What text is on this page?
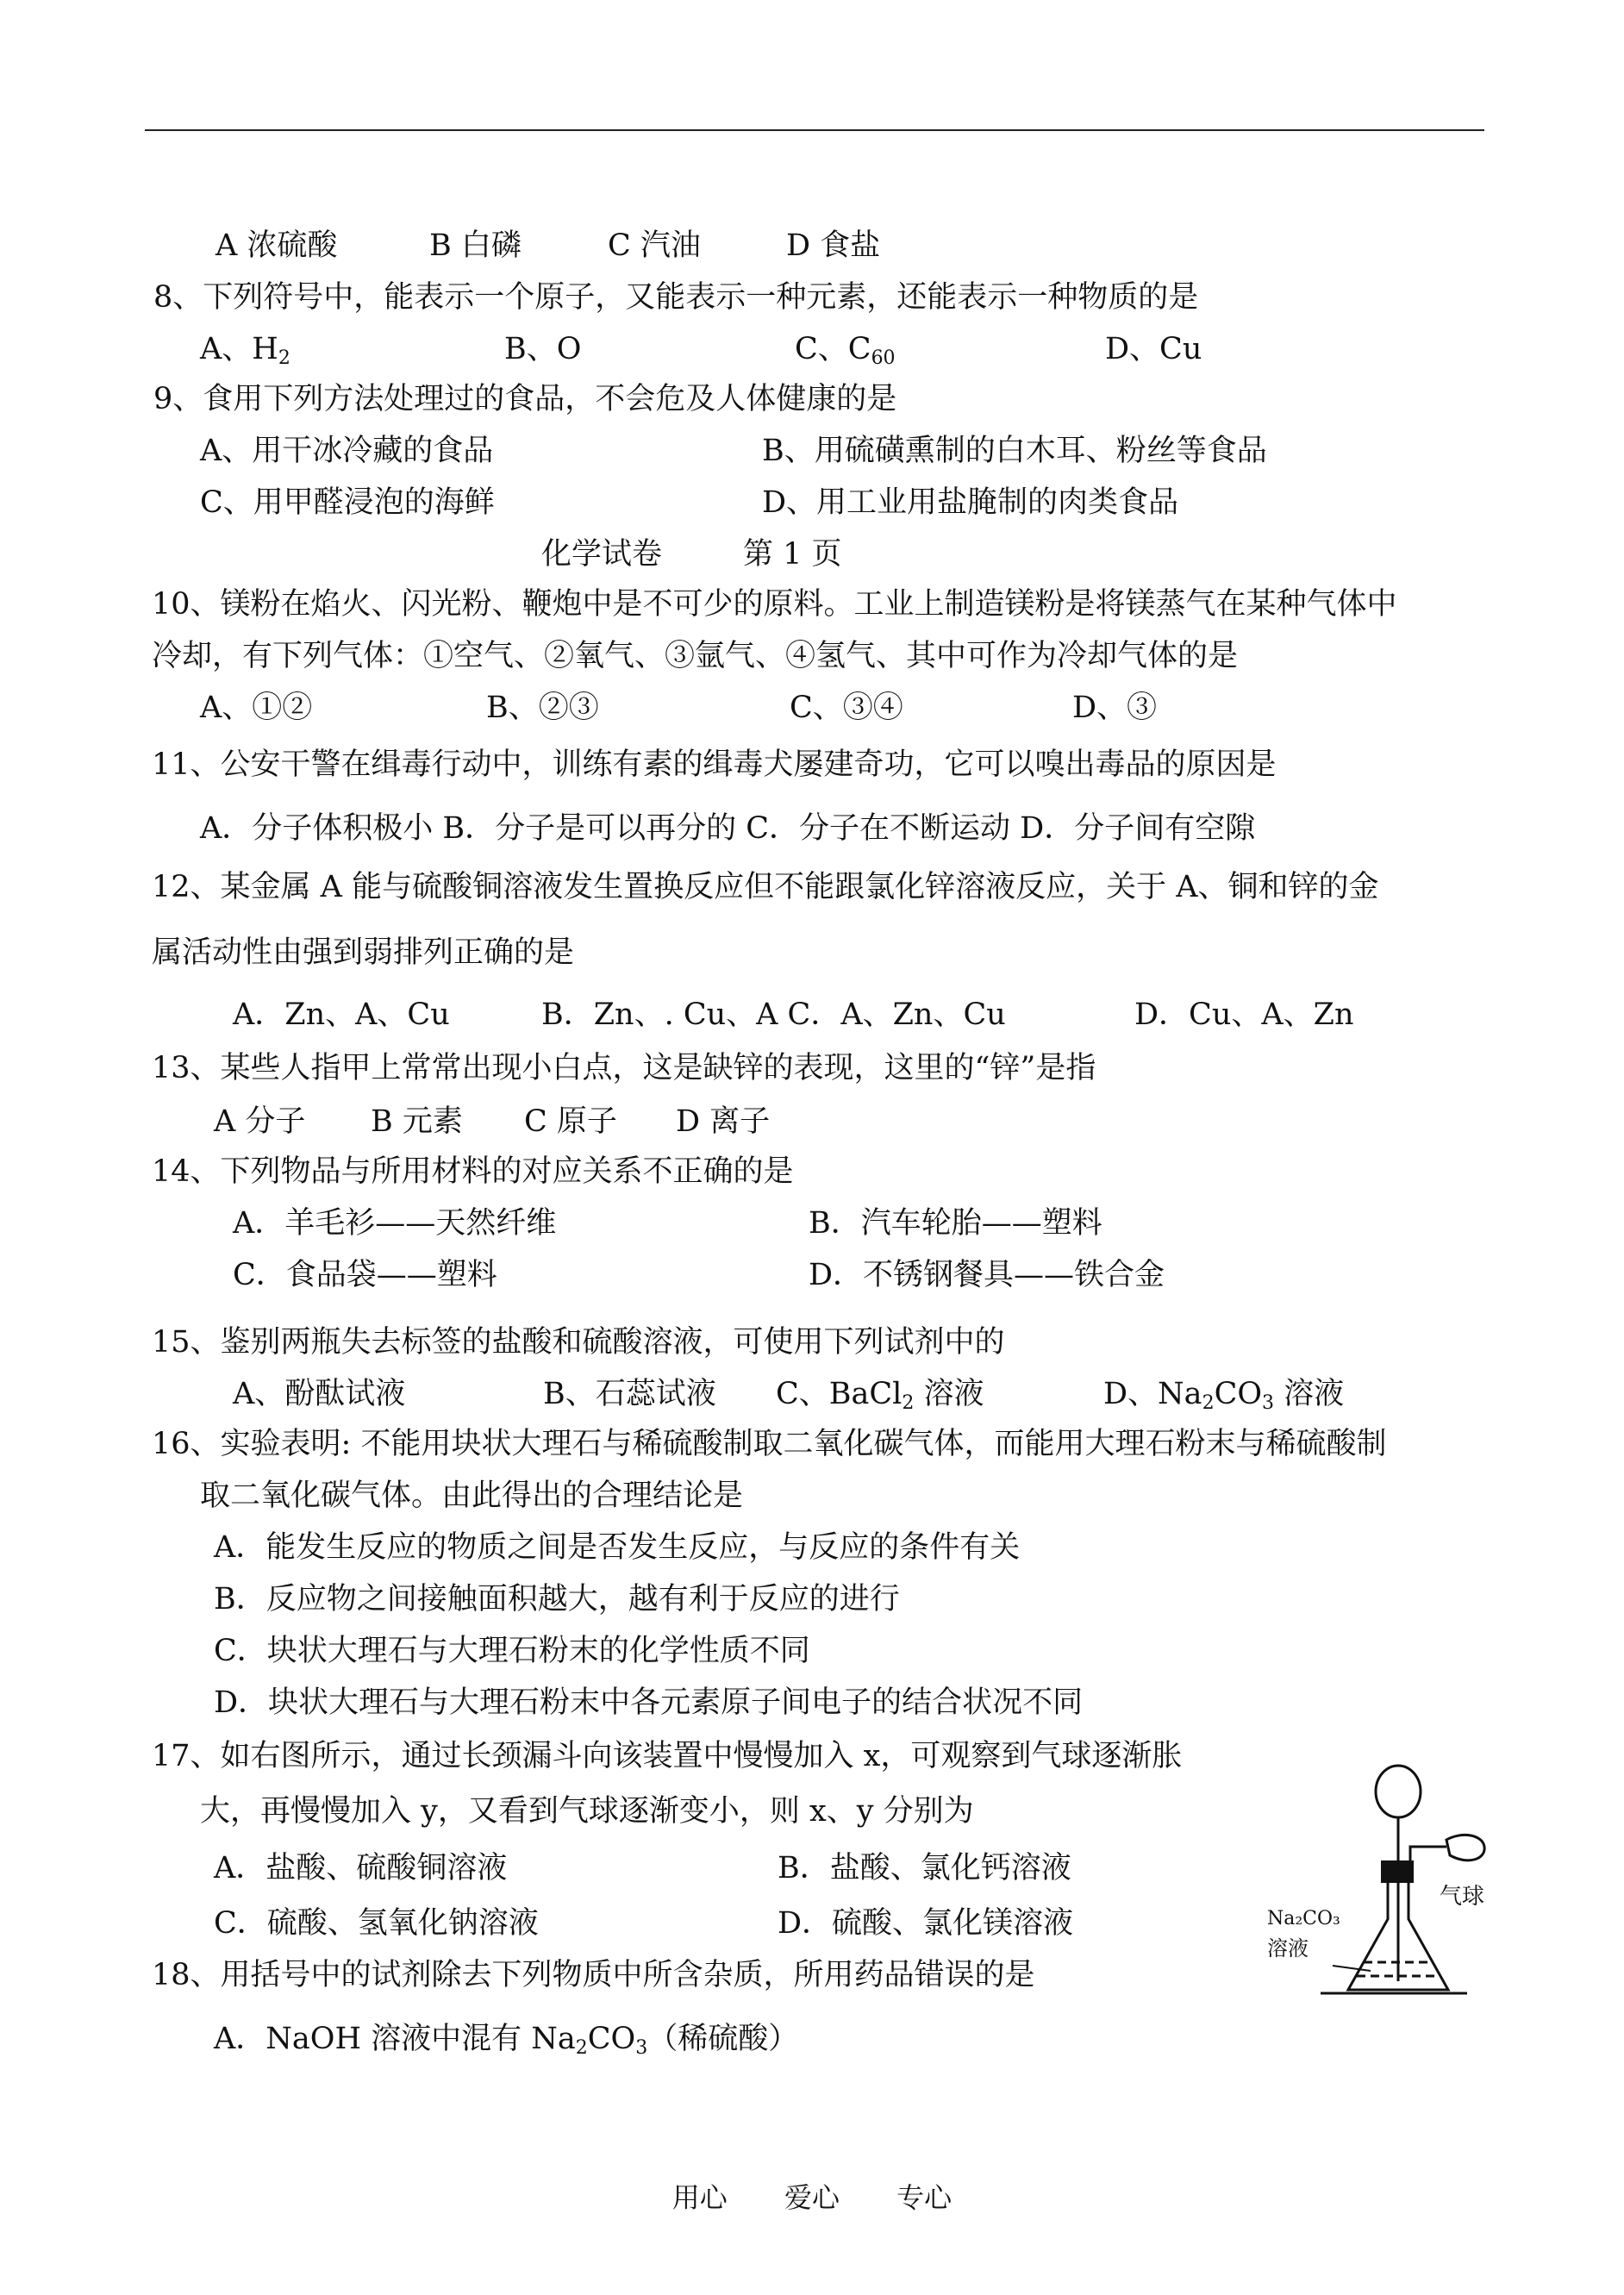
A 浓硫酸	B 白磷	C 汽油	D 食盐
8、下列符号中，能表示一个原子，又能表示一种元素，还能表示一种物质的是
A、$H_2$	B、O	C、$C_{60}$	D、Cu
9、食用下列方法处理过的食品，不会危及人体健康的是
A、用干冰冷藏的食品	B、用硫磺熏制的白木耳、粉丝等食品
C、用甲醛浸泡的海鲜	D、用工业用盐腌制的肉类食品
化学试卷	第 1 页
10、镁粉在焰火、闪光粉、鞭炮中是不可少的原料。工业上制造镁粉是将镁蒸气在某种气体中
冷却，有下列气体：①空气、②氧气、③氩气、④氢气、其中可作为冷却气体的是
A、①②	B、②③	C、③④	D、③
11、公安干警在缉毒行动中，训练有素的缉毒犬屡建奇功，它可以嗅出毒品的原因是
A．分子体积极小 B．分子是可以再分的 C．分子在不断运动 D．分子间有空隙
12、某金属 A 能与硫酸铜溶液发生置换反应但不能跟氯化锌溶液反应，关于 A、铜和锌的金
属活动性由强到弱排列正确的是
A．Zn、A、Cu	B．Zn、. Cu、A C．A、Zn、Cu	D．Cu、A、Zn
13、某些人指甲上常常出现小白点，这是缺锌的表现，这里的“锌”是指
A 分子 B 元素 C 原子 D 离子
14、下列物品与所用材料的对应关系不正确的是
A．羊毛衫——天然纤维	B．汽车轮胎——塑料
C．食品袋——塑料	D．不锈钢餐具——铁合金
15、鉴别两瓶失去标签的盐酸和硫酸溶液，可使用下列试剂中的
A、酚酞试液	B、石蕊试液 C、BaCl$_2$ 溶液	D、$Na_2CO_3$ 溶液
16、实验表明: 不能用块状大理石与稀硫酸制取二氧化碳气体，而能用大理石粉末与稀硫酸制
取二氧化碳气体。由此得出的合理结论是
A．能发生反应的物质之间是否发生反应，与反应的条件有关
B．反应物之间接触面积越大，越有利于反应的进行
C．块状大理石与大理石粉末的化学性质不同
D．块状大理石与大理石粉末中各元素原子间电子的结合状况不同
17、如右图所示，通过长颈漏斗向该装置中慢慢加入 x，可观察到气球逐渐胀
大，再慢慢加入 y，又看到气球逐渐变小，则 x、y 分别为
A．盐酸、硫酸铜溶液	B．盐酸、氯化钙溶液
C．硫酸、氢氧化钠溶液	D．硫酸、氯化镁溶液
气球
Na₂CO₃
溶液
18、用括号中的试剂除去下列物质中所含杂质，所用药品错误的是
A．NaOH 溶液中混有 $Na_2CO_3$（稀硫酸）
用心 爱心 专心
